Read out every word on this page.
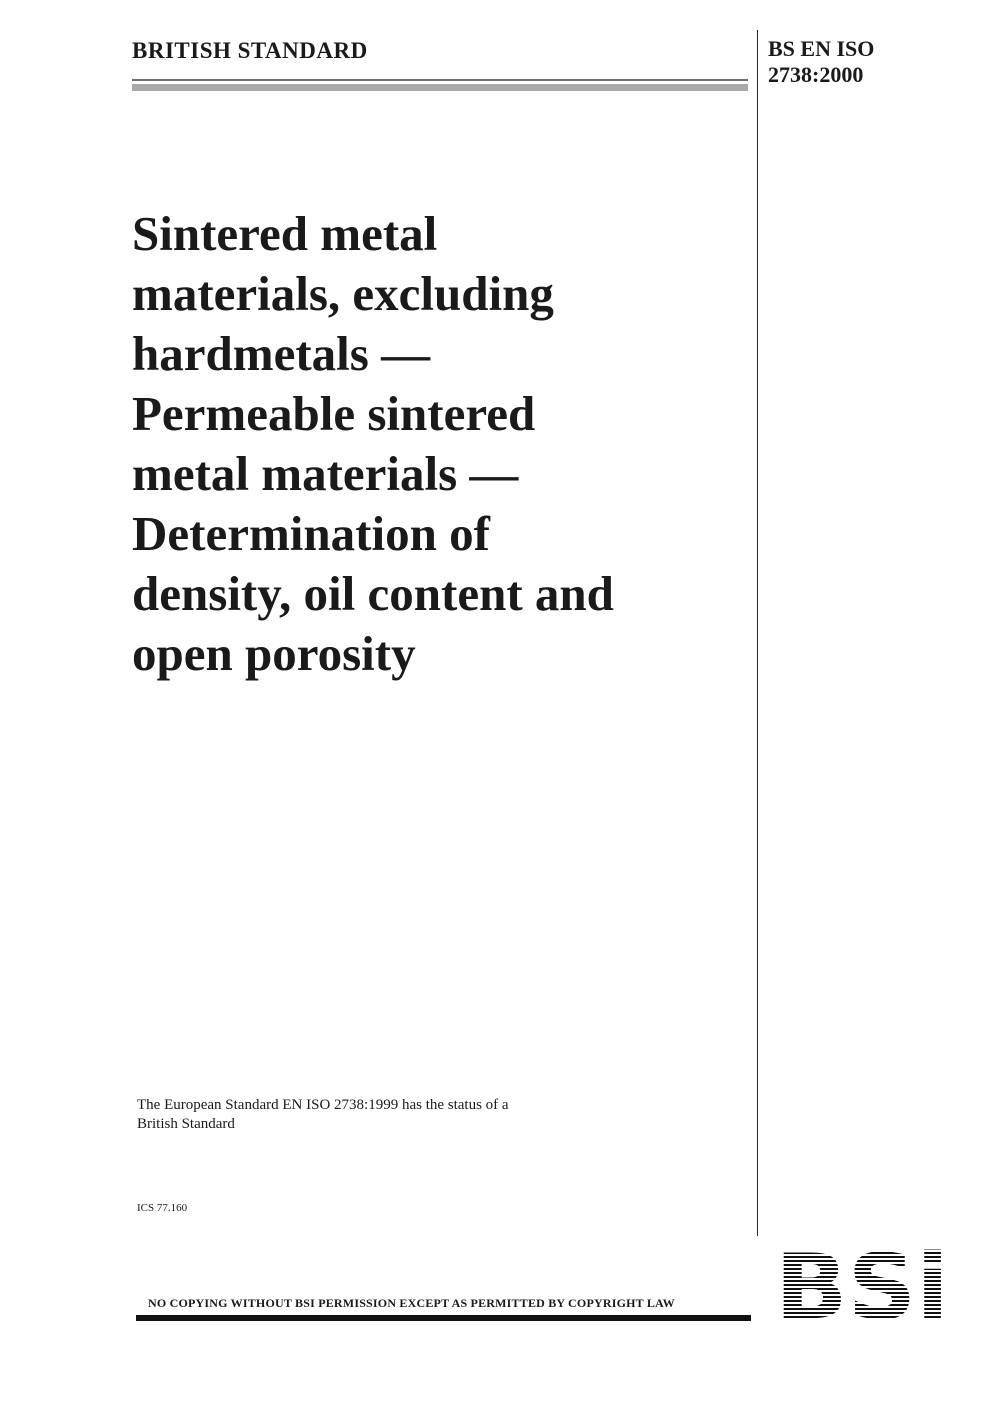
BRITISH STANDARD	BS EN ISO
2738:2000
Sintered metal
materials, excluding
hardmetals —
Permeable sintered
metal materials —
Determination of
density, oil content and
open porosity
The European Standard EN ISO 2738:1999 has the status of a
British Standard
ICS 77.160
NO COPYING WITHOUT BSI PERMISSION EXCEPT AS PERMITTED BY COPYRIGHT LAW BSi
